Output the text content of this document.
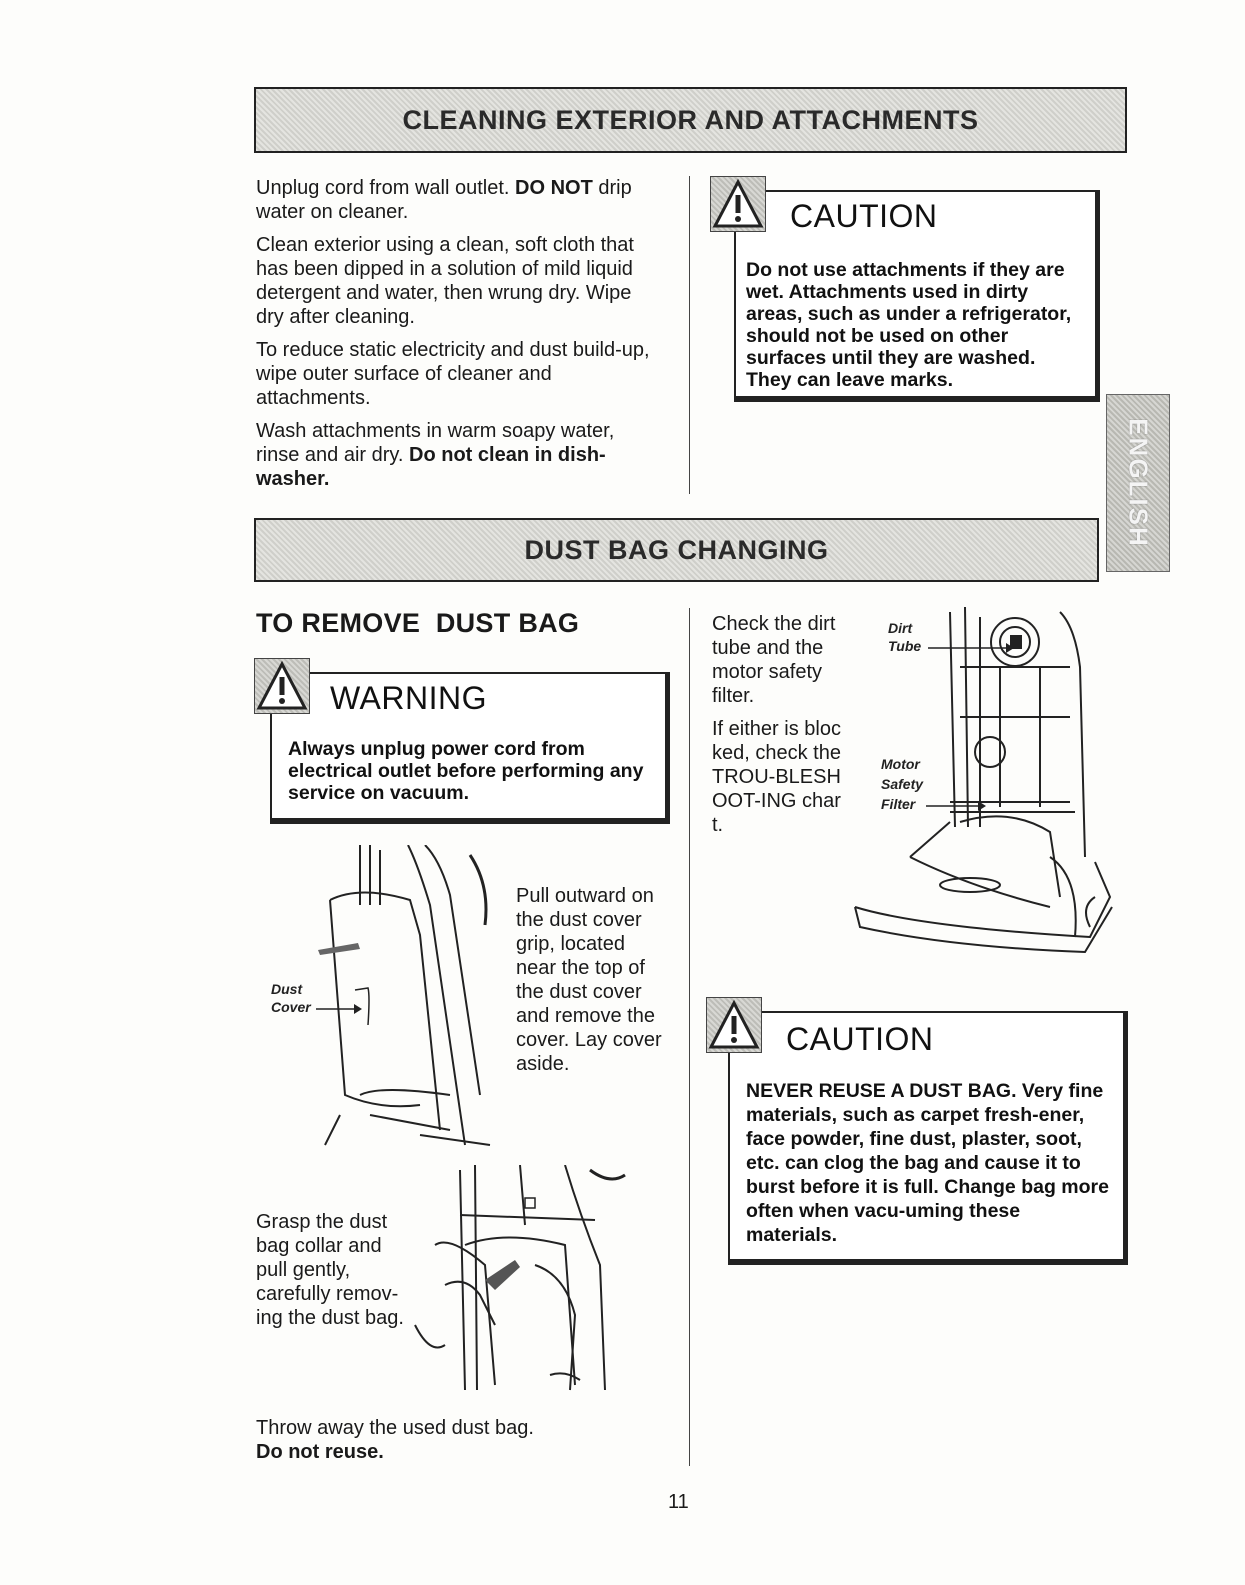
CLEANING EXTERIOR AND ATTACHMENTS

Unplug cord from wall outlet. DO NOT drip water on cleaner.

Clean exterior using a clean, soft cloth that has been dipped in a solution of mild liquid detergent and water, then wrung dry. Wipe dry after cleaning.

To reduce static electricity and dust build-up, wipe outer surface of cleaner and attachments.

Wash attachments in warm soapy water, rinse and air dry. Do not clean in dish-washer.

CAUTION
Do not use attachments if they are wet. Attachments used in dirty areas, such as under a refrigerator, should not be used on other surfaces until they are washed. They can leave marks.
ENGLISH
DUST BAG CHANGING
TO REMOVE  DUST BAG
WARNING
Always unplug power cord from electrical outlet before performing any service on vacuum.
Dust
Cover
Pull outward on the dust cover grip, located near the top of the dust cover and remove the cover. Lay cover aside.
Grasp the dust bag collar and pull gently, carefully remov-ing the dust bag.

Throw away the used dust bag.

Do not reuse.

Check the dirt tube and the motor safety filter.

If either is blocked, check the TROU-BLESHOOT-ING chart.

Dirt
Tube
Motor
Safety
Filter
CAUTION
NEVER REUSE A DUST BAG. Very fine materials, such as carpet fresh-ener, face powder, fine dust, plaster, soot, etc. can clog the bag and cause it to burst before it is full. Change bag more often when vacu-uming these materials.
11
